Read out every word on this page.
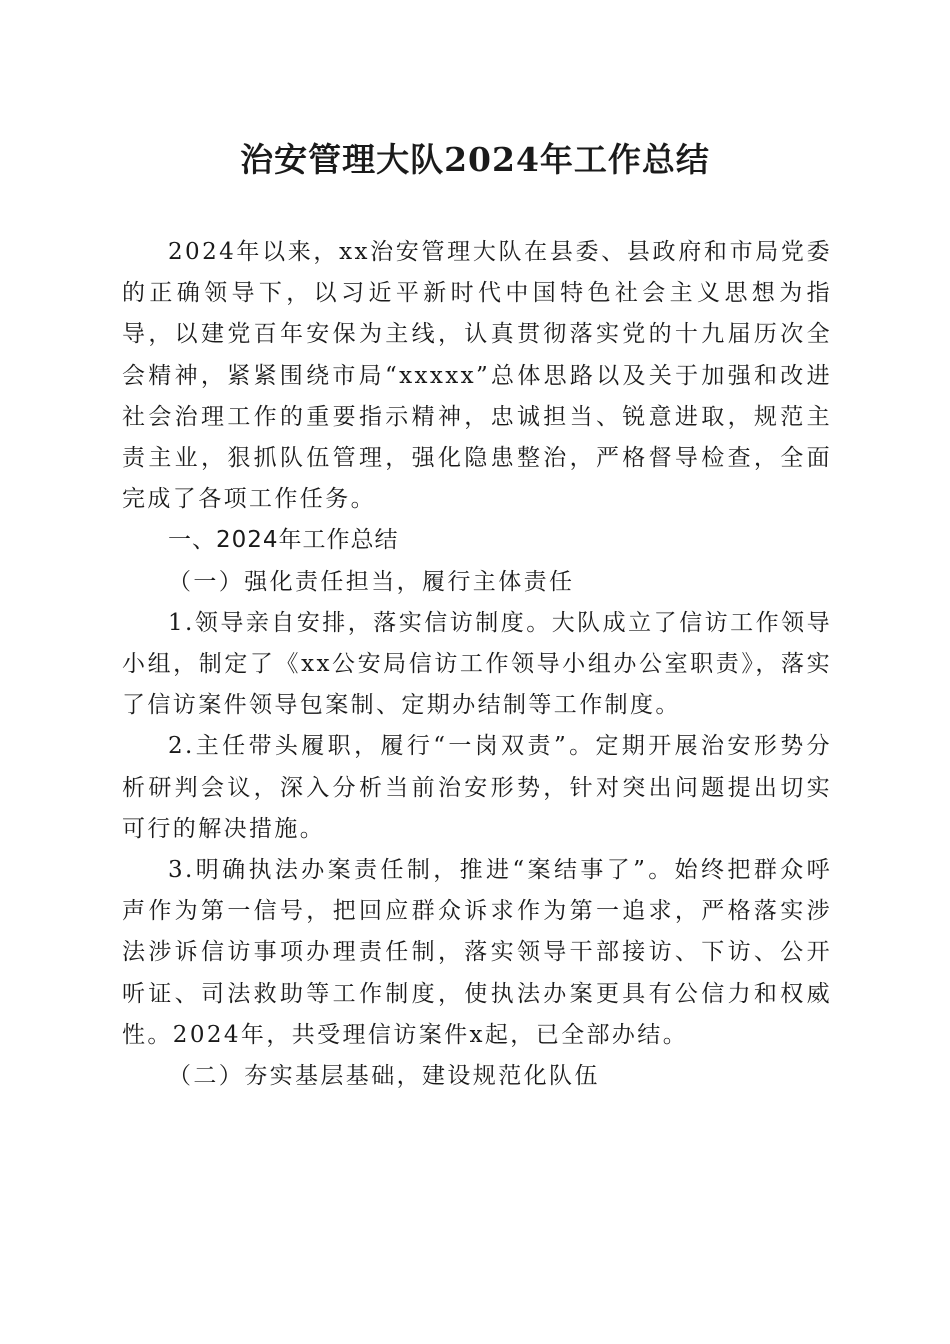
治安管理大队2024年工作总结

2024年以来，xx治安管理大队在县委、县政府和市局党委的正确领导下，以习近平新时代中国特色社会主义思想为指导，以建党百年安保为主线，认真贯彻落实党的十九届历次全会精神，紧紧围绕市局“xxxxx”总体思路以及关于加强和改进社会治理工作的重要指示精神，忠诚担当、锐意进取，规范主责主业，狠抓队伍管理，强化隐患整治，严格督导检查，全面完成了各项工作任务。

一、2024年工作总结

（一）强化责任担当，履行主体责任

1.领导亲自安排，落实信访制度。大队成立了信访工作领导小组，制定了《xx公安局信访工作领导小组办公室职责》，落实了信访案件领导包案制、定期办结制等工作制度。

2.主任带头履职，履行“一岗双责”。定期开展治安形势分析研判会议，深入分析当前治安形势，针对突出问题提出切实可行的解决措施。

3.明确执法办案责任制，推进“案结事了”。始终把群众呼声作为第一信号，把回应群众诉求作为第一追求，严格落实涉法涉诉信访事项办理责任制，落实领导干部接访、下访、公开听证、司法救助等工作制度，使执法办案更具有公信力和权威性。2024年，共受理信访案件x起，已全部办结。

（二）夯实基层基础，建设规范化队伍
